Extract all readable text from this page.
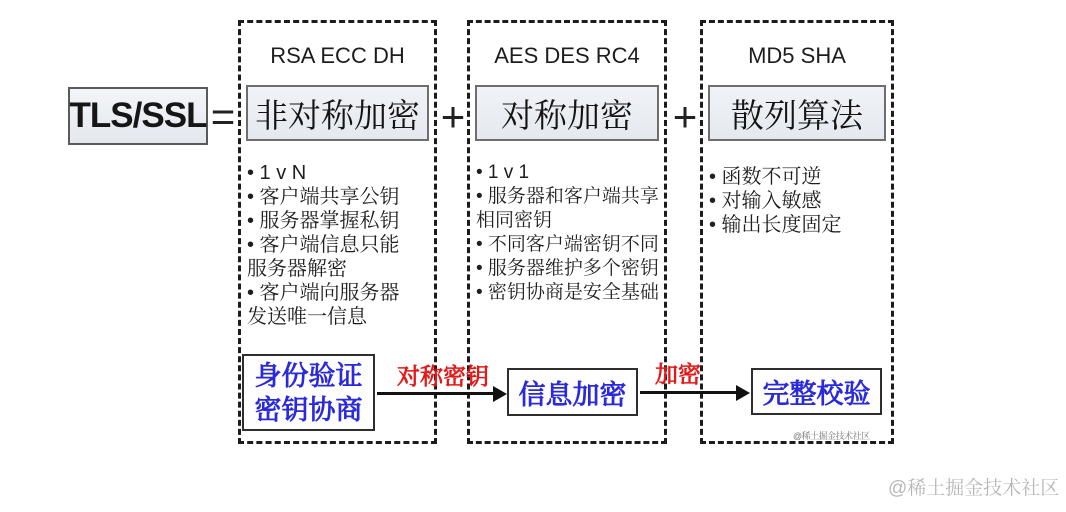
TLS/SSL =	+	+
RSA ECC DH
非对称加密
• 1 v N
• 客户端共享公钥
• 服务器掌握私钥
• 客户端信息只能服务器解密
• 客户端向服务器发送唯一信息
AES DES RC4
对称加密
• 1 v 1
• 服务器和客户端共享相同密钥
• 不同客户端密钥不同
• 服务器维护多个密钥
• 密钥协商是安全基础
MD5 SHA
散列算法
• 函数不可逆
• 对输入敏感
• 输出长度固定
身份验证
密钥协商
对称密钥
信息加密
加密
完整校验
@稀土掘金技术社区
@稀土掘金技术社区
